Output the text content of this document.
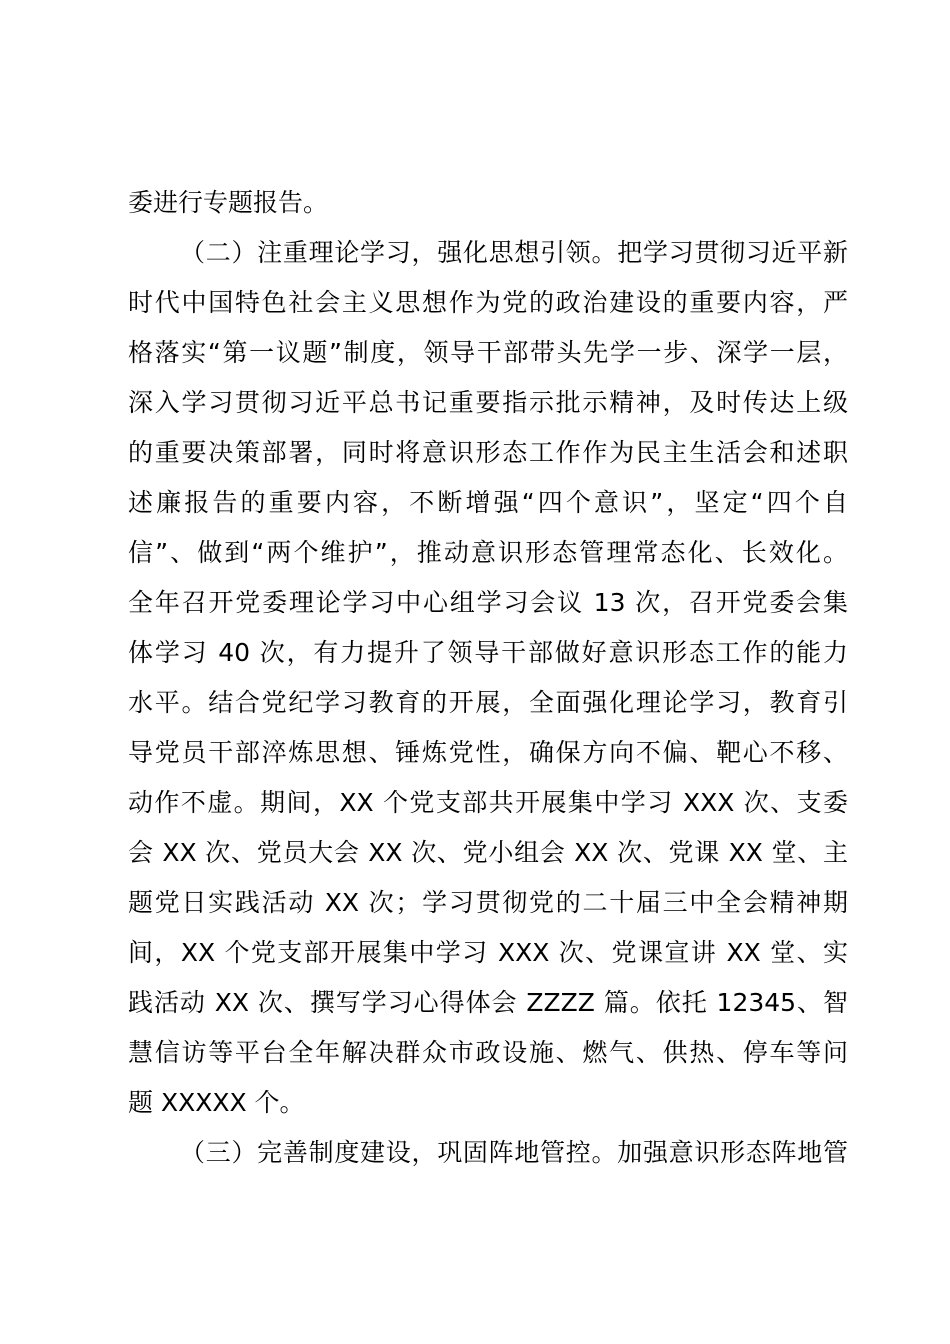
委进行专题报告。
（二）注重理论学习，强化思想引领。把学习贯彻习近平新
时代中国特色社会主义思想作为党的政治建设的重要内容，严
格落实“第一议题”制度，领导干部带头先学一步、深学一层，
深入学习贯彻习近平总书记重要指示批示精神，及时传达上级
的重要决策部署，同时将意识形态工作作为民主生活会和述职
述廉报告的重要内容，不断增强“四个意识”，坚定“四个自
信”、做到“两个维护”，推动意识形态管理常态化、长效化。
全年召开党委理论学习中心组学习会议 13 次，召开党委会集
体学习 40 次，有力提升了领导干部做好意识形态工作的能力
水平。结合党纪学习教育的开展，全面强化理论学习，教育引
导党员干部淬炼思想、锤炼党性，确保方向不偏、靶心不移、
动作不虚。期间，XX 个党支部共开展集中学习 XXX 次、支委
会 XX 次、党员大会 XX 次、党小组会 XX 次、党课 XX 堂、主
题党日实践活动 XX 次；学习贯彻党的二十届三中全会精神期
间，XX 个党支部开展集中学习 XXX 次、党课宣讲 XX 堂、实
践活动 XX 次、撰写学习心得体会 ZZZZ 篇。依托 12345、智
慧信访等平台全年解决群众市政设施、燃气、供热、停车等问
题 XXXXX 个。
（三）完善制度建设，巩固阵地管控。加强意识形态阵地管
